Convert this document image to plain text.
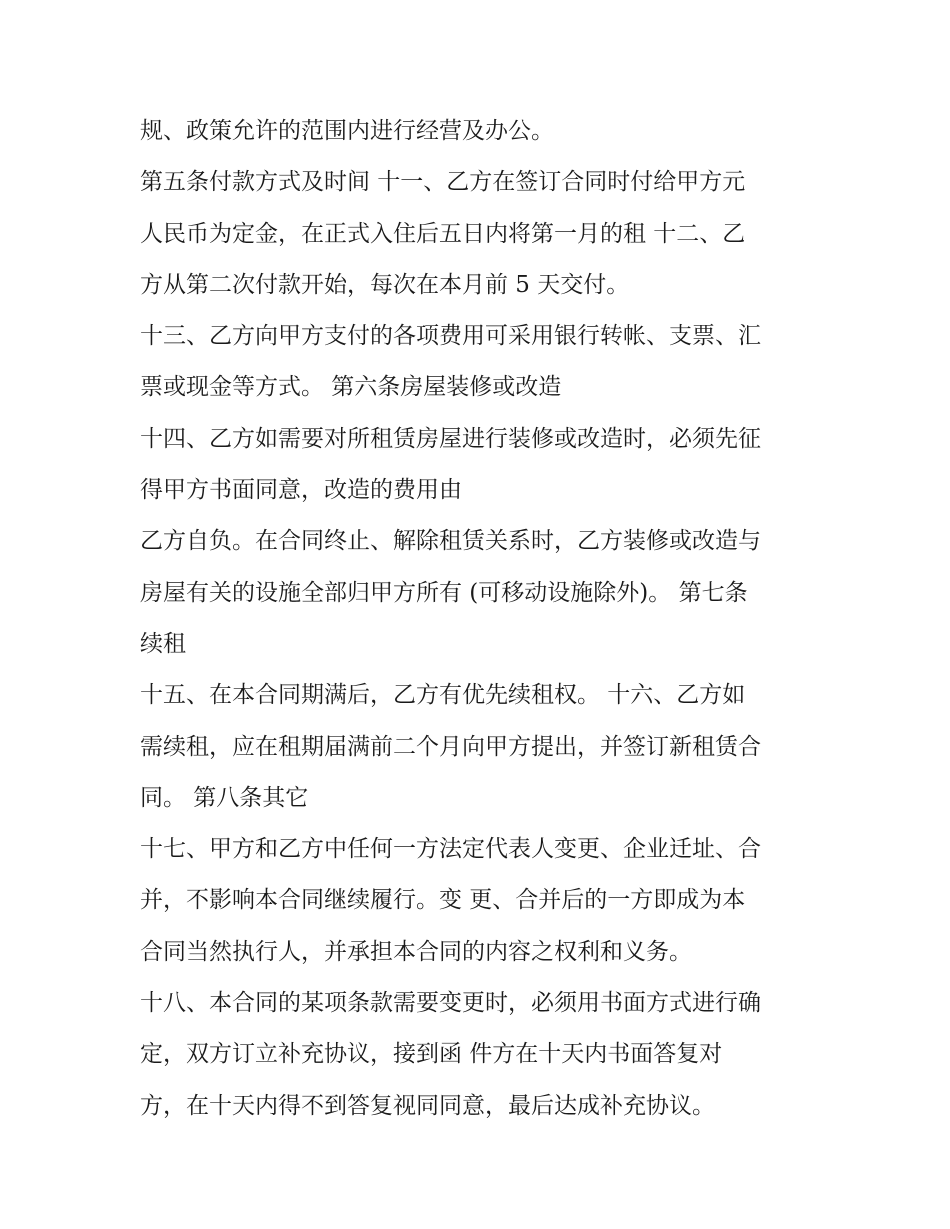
规、政策允许的范围内进行经营及办公。

第五条付款方式及时间 十一、乙方在签订合同时付给甲方元

人民币为定金，在正式入住后五日内将第一月的租 十二、乙

方从第二次付款开始，每次在本月前 5 天交付。

十三、乙方向甲方支付的各项费用可采用银行转帐、支票、汇

票或现金等方式。 第六条房屋装修或改造

十四、乙方如需要对所租赁房屋进行装修或改造时，必须先征

得甲方书面同意，改造的费用由

乙方自负。在合同终止、解除租赁关系时，乙方装修或改造与

房屋有关的设施全部归甲方所有 (可移动设施除外)。 第七条

续租

十五、在本合同期满后，乙方有优先续租权。 十六、乙方如

需续租，应在租期届满前二个月向甲方提出，并签订新租赁合

同。 第八条其它

十七、甲方和乙方中任何一方法定代表人变更、企业迁址、合

并，不影响本合同继续履行。变 更、合并后的一方即成为本

合同当然执行人，并承担本合同的内容之权利和义务。

十八、本合同的某项条款需要变更时，必须用书面方式进行确

定，双方订立补充协议，接到函 件方在十天内书面答复对

方，在十天内得不到答复视同同意，最后达成补充协议。
